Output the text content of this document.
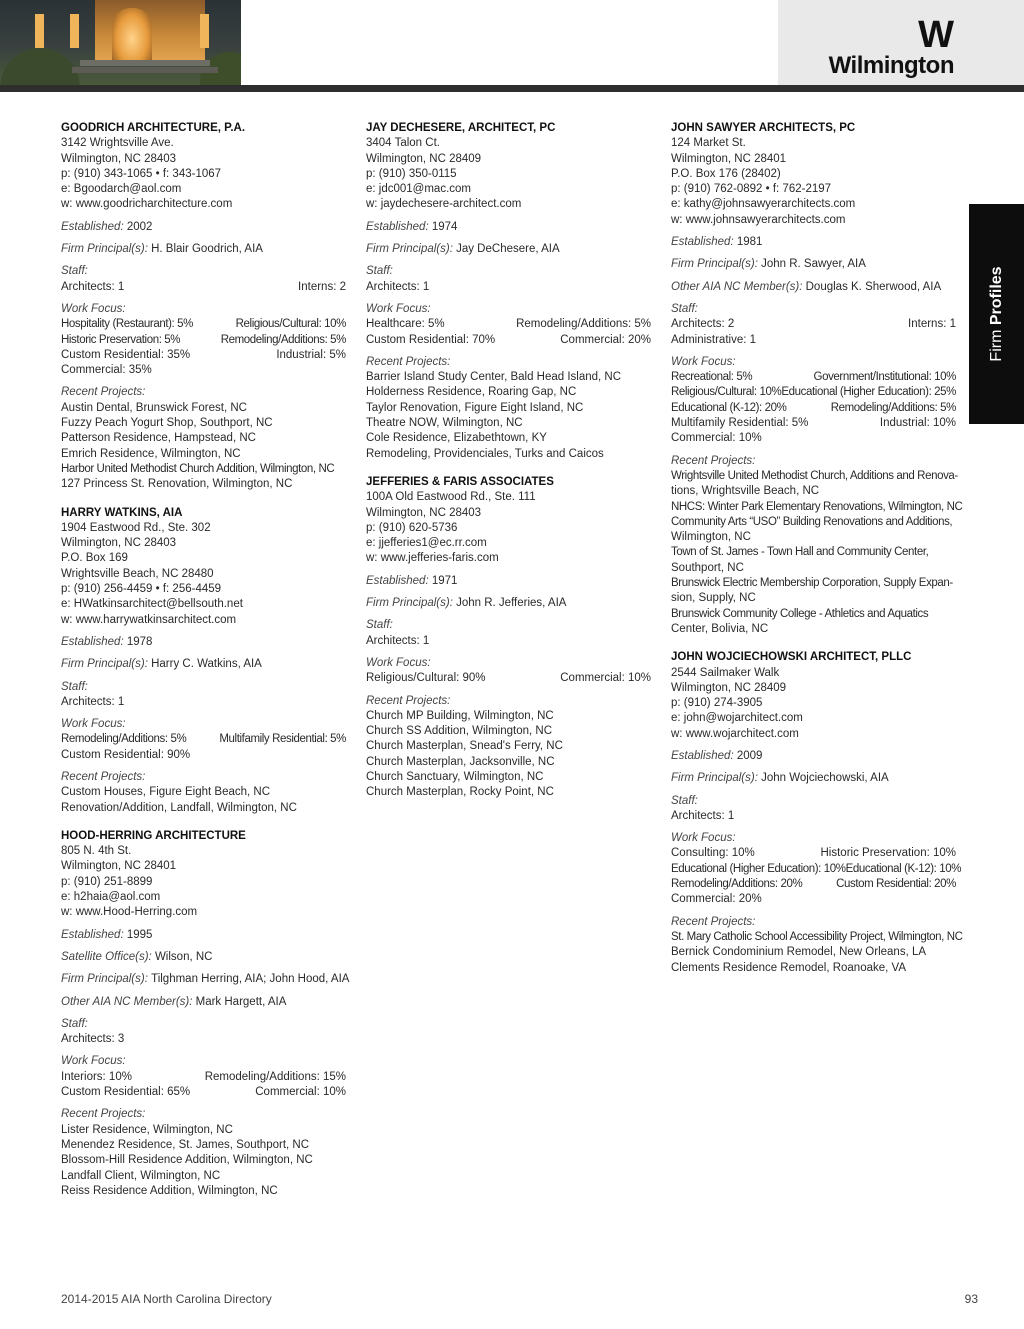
W
Wilmington
Firm Profiles
GOODRICH ARCHITECTURE, P.A.
3142 Wrightsville Ave.
Wilmington, NC 28403
p: (910) 343-1065 • f: 343-1067
e: Bgoodarch@aol.com
w: www.goodricharchitecture.com
Established: 2002
Firm Principal(s): H. Blair Goodrich, AIA
Staff:
Architects: 1	Interns: 2
Work Focus:
Hospitality (Restaurant): 5%	Religious/Cultural: 10%
Historic Preservation: 5%	Remodeling/Additions: 5%
Custom Residential: 35%	Industrial: 5%
Commercial: 35%
Recent Projects:
Austin Dental, Brunswick Forest, NC
Fuzzy Peach Yogurt Shop, Southport, NC
Patterson Residence, Hampstead, NC
Emrich Residence, Wilmington, NC
Harbor United Methodist Church Addition, Wilmington, NC
127 Princess St. Renovation, Wilmington, NC
HARRY WATKINS, AIA
1904 Eastwood Rd., Ste. 302
Wilmington, NC 28403
P.O. Box 169
Wrightsville Beach, NC 28480
p: (910) 256-4459 • f: 256-4459
e: HWatkinsarchitect@bellsouth.net
w: www.harrywatkinsarchitect.com
Established: 1978
Firm Principal(s): Harry C. Watkins, AIA
Staff:
Architects: 1
Work Focus:
Remodeling/Additions: 5%	Multifamily Residential: 5%
Custom Residential: 90%
Recent Projects:
Custom Houses, Figure Eight Beach, NC
Renovation/Addition, Landfall, Wilmington, NC
HOOD-HERRING ARCHITECTURE
805 N. 4th St.
Wilmington, NC 28401
p: (910) 251-8899
e: h2haia@aol.com
w: www.Hood-Herring.com
Established: 1995
Satellite Office(s): Wilson, NC
Firm Principal(s): Tilghman Herring, AIA; John Hood, AIA
Other AIA NC Member(s): Mark Hargett, AIA
Staff:
Architects: 3
Work Focus:
Interiors: 10%	Remodeling/Additions: 15%
Custom Residential: 65%	Commercial: 10%
Recent Projects:
Lister Residence, Wilmington, NC
Menendez Residence, St. James, Southport, NC
Blossom-Hill Residence Addition, Wilmington, NC
Landfall Client, Wilmington, NC
Reiss Residence Addition, Wilmington, NC
JAY DECHESERE, ARCHITECT, PC
3404 Talon Ct.
Wilmington, NC 28409
p: (910) 350-0115
e: jdc001@mac.com
w: jaydechesere-architect.com
Established: 1974
Firm Principal(s): Jay DeChesere, AIA
Staff:
Architects: 1
Work Focus:
Healthcare: 5%	Remodeling/Additions: 5%
Custom Residential: 70%	Commercial: 20%
Recent Projects:
Barrier Island Study Center, Bald Head Island, NC
Holderness Residence, Roaring Gap, NC
Taylor Renovation, Figure Eight Island, NC
Theatre NOW, Wilmington, NC
Cole Residence, Elizabethtown, KY
Remodeling, Providenciales, Turks and Caicos
JEFFERIES & FARIS ASSOCIATES
100A Old Eastwood Rd., Ste. 111
Wilmington, NC 28403
p: (910) 620-5736
e: jjefferies1@ec.rr.com
w: www.jefferies-faris.com
Established: 1971
Firm Principal(s): John R. Jefferies, AIA
Staff:
Architects: 1
Work Focus:
Religious/Cultural: 90%	Commercial: 10%
Recent Projects:
Church MP Building, Wilmington, NC
Church SS Addition, Wilmington, NC
Church Masterplan, Snead's Ferry, NC
Church Masterplan, Jacksonville, NC
Church Sanctuary, Wilmington, NC
Church Masterplan, Rocky Point, NC
JOHN SAWYER ARCHITECTS, PC
124 Market St.
Wilmington, NC 28401
P.O. Box 176 (28402)
p: (910) 762-0892 • f: 762-2197
e: kathy@johnsawyerarchitects.com
w: www.johnsawyerarchitects.com
Established: 1981
Firm Principal(s): John R. Sawyer, AIA
Other AIA NC Member(s): Douglas K. Sherwood, AIA
Staff:
Architects: 2	Interns: 1
Administrative: 1
Work Focus:
Recreational: 5%	Government/Institutional: 10%
Religious/Cultural: 10% Educational (Higher Education): 25%
Educational (K-12): 20%	Remodeling/Additions: 5%
Multifamily Residential: 5%	Industrial: 10%
Commercial: 10%
Recent Projects:
Wrightsville United Methodist Church, Additions and Renova-
tions, Wrightsville Beach, NC
NHCS: Winter Park Elementary Renovations, Wilmington, NC
Community Arts “USO” Building Renovations and Additions,
Wilmington, NC
Town of St. James - Town Hall and Community Center,
Southport, NC
Brunswick Electric Membership Corporation, Supply Expan-
sion, Supply, NC
Brunswick Community College - Athletics and Aquatics
Center, Bolivia, NC
JOHN WOJCIECHOWSKI ARCHITECT, PLLC
2544 Sailmaker Walk
Wilmington, NC 28409
p: (910) 274-3905
e: john@wojarchitect.com
w: www.wojarchitect.com
Established: 2009
Firm Principal(s): John Wojciechowski, AIA
Staff:
Architects: 1
Work Focus:
Consulting: 10%	Historic Preservation: 10%
Educational (Higher Education): 10% Educational (K-12): 10%
Remodeling/Additions: 20%	Custom Residential: 20%
Commercial: 20%
Recent Projects:
St. Mary Catholic School Accessibility Project, Wilmington, NC
Bernick Condominium Remodel, New Orleans, LA
Clements Residence Remodel, Roanoake, VA
2014-2015 AIA North Carolina Directory	93
